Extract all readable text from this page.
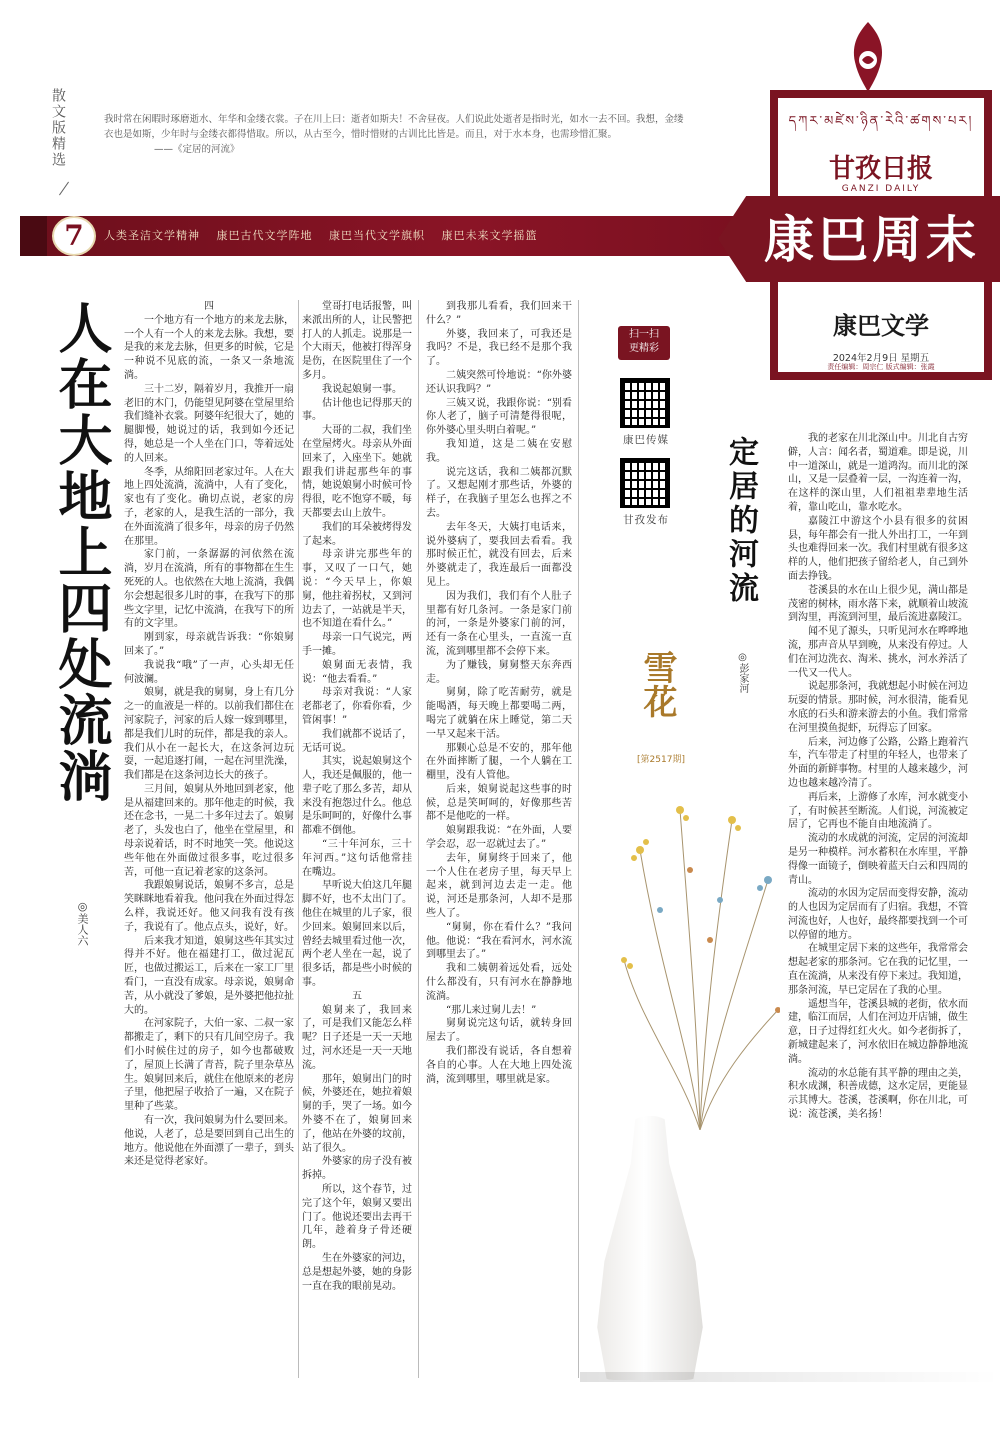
散文版精选	我时常在闲暇时琢磨逝水、年华和金缕衣裳。子在川上曰：逝者如斯夫！不舍昼夜。人们说此处逝者是指时光，如水一去不回。我想，金缕衣也是如斯，少年时与金缕衣都得惜取。所以，从古至今，惜时惜财的古训比比皆是。而且，对于水本身，也需珍惜汇聚。
——《定居的河流》
7	人类圣洁文学精神 康巴古代文学阵地 康巴当代文学旗帜 康巴未来文学摇篮
དཀར་མཛེས་ཉིན་རེའི་ཚགས་པར།
甘孜日报
GANZI DAILY
康巴周末
康巴文学
2024年2月9日 星期五
责任编辑：周宗仁 版式编辑：张霞
人在大地上四处流淌
◎美人六

四

一个地方有一个地方的来龙去脉，一个人有一个人的来龙去脉。我想，要是我的来龙去脉，但更多的时候，它是一种说不见底的流，一条又一条地流淌。

三十二岁，隔着岁月，我推开一扇老旧的木门，仍能望见阿婆在堂屋里给我们缝补衣裳。阿婆年纪很大了，她的腿脚慢，她说过的话，我到如今还记得，她总是一个人坐在门口，等着远处的人回来。

冬季，从绵阳回老家过年。人在大地上四处流淌，流淌中，人有了变化，家也有了变化。确切点说，老家的房子，老家的人，是我生活的一部分，我在外面流淌了很多年，母亲的房子仍然在那里。

家门前，一条潺潺的河依然在流淌，岁月在流淌，所有的事物都在生生死死的人。也依然在大地上流淌，我偶尔会想起很多儿时的事，在我写下的那些文字里，记忆中流淌，在我写下的所有的文字里。

刚到家，母亲就告诉我：“你娘舅回来了。”

我说我“哦”了一声，心头却无任何波澜。

娘舅，就是我的舅舅，身上有几分之一的血液是一样的。以前我们都住在河家院子，河家的后人嫁一嫁到哪里，都是我们儿时的玩伴，都是我的亲人。我们从小在一起长大，在这条河边玩耍，一起追逐打闹，一起在河里洗澡，我们都是在这条河边长大的孩子。

三月间，娘舅从外地回到老家，他是从福建回来的。那年他走的时候，我还在念书，一晃二十多年过去了。娘舅老了，头发也白了，他坐在堂屋里，和母亲说着话，时不时地笑一笑。他说这些年他在外面做过很多事，吃过很多苦，可他一直记着老家的这条河。

我跟娘舅说话，娘舅不多言，总是笑眯眯地看着我。他问我在外面过得怎么样，我说还好。他又问我有没有孩子，我说有了。他点点头，说好，好。

后来我才知道，娘舅这些年其实过得并不好。他在福建打工，做过泥瓦匠，也做过搬运工，后来在一家工厂里看门，一直没有成家。母亲说，娘舅命苦，从小就没了爹娘，是外婆把他拉扯大的。

在河家院子，大伯一家、二叔一家都搬走了，剩下的只有几间空房子。我们小时候住过的房子，如今也都破败了，屋顶上长满了青苔，院子里杂草丛生。娘舅回来后，就住在他原来的老房子里，他把屋子收拾了一遍，又在院子里种了些菜。

有一次，我问娘舅为什么要回来。他说，人老了，总是要回到自己出生的地方。他说他在外面漂了一辈子，到头来还是觉得老家好。

堂哥打电话报警，叫来派出所的人，让民警把打人的人抓走。说那是一个大雨天，他被打得浑身是伤，在医院里住了一个多月。

我说起娘舅一事。

估计他也记得那天的事。

大哥的二叔，我们坐在堂屋烤火。母亲从外面回来了，入座坐下。她就跟我们讲起那些年的事情，她说娘舅小时候可怜得很，吃不饱穿不暖，每天都要去山上放牛。

我们的耳朵被烤得发了起来。

母亲讲完那些年的事，又叹了一口气，她说：“今天早上，你娘舅，他拄着拐杖，又到河边去了，一站就是半天，也不知道在看什么。”

母亲一口气说完，两手一摊。

娘舅面无表情，我说：“他去看看。”

母亲对我说：“人家老都老了，你看你看，少管闲事！”

我们就都不说话了，无话可说。

其实，说起娘舅这个人，我还是佩服的，他一辈子吃了那么多苦，却从来没有抱怨过什么。他总是乐呵呵的，好像什么事都难不倒他。

“三十年河东，三十年河西。”这句话他常挂在嘴边。

早听说大伯这几年腿脚不好，也不太出门了。他住在城里的儿子家，很少回来。娘舅回来以后，曾经去城里看过他一次，两个老人坐在一起，说了很多话，都是些小时候的事。

五

娘舅来了，我回来了，可是我们又能怎么样呢？日子还是一天一天地过，河水还是一天一天地流。

那年，娘舅出门的时候，外婆还在，她拉着娘舅的手，哭了一场。如今外婆不在了，娘舅回来了，他站在外婆的坟前，站了很久。

外婆家的房子没有被拆掉。

所以，这个春节，过完了这个年，娘舅又要出门了。他说还要出去再干几年，趁着身子骨还硬朗。

生在外婆家的河边，总是想起外婆，她的身影一直在我的眼前晃动。

到我那儿看看，我们回来干什么？”

外婆，我回来了，可我还是我吗？不是，我已经不是那个我了。

二姨突然可怜地说：“你外婆还认识我吗？”

三姨又说，我跟你说：“别看你人老了，脑子可清楚得很呢，你外婆心里头明白着呢。”

我知道，这是二姨在安慰我。

说完这话，我和二姨都沉默了。又想起刚才那些话，外婆的样子，在我脑子里怎么也挥之不去。

去年冬天，大姨打电话来，说外婆病了，要我回去看看。我那时候正忙，就没有回去，后来外婆就走了，我连最后一面都没见上。

因为我们，我们有个人肚子里都有好几条河。一条是家门前的河，一条是外婆家门前的河，还有一条在心里头，一直流一直流，流到哪里都不会停下来。

为了赚钱，舅舅整天东奔西走。

舅舅，除了吃苦耐劳，就是能喝酒，每天晚上都要喝二两，喝完了就躺在床上睡觉，第二天一早又起来干活。

那颗心总是不安的，那年他在外面摔断了腿，一个人躺在工棚里，没有人管他。

后来，娘舅说起这些事的时候，总是笑呵呵的，好像那些苦都不是他吃的一样。

娘舅跟我说：“在外面，人要学会忍，忍一忍就过去了。”

去年，舅舅终于回来了，他一个人住在老房子里，每天早上起来，就到河边去走一走。他说，河还是那条河，人却不是那些人了。

“舅舅，你在看什么？”我问他。他说：“我在看河水，河水流到哪里去了。”

我和二姨朝着远处看，远处什么都没有，只有河水在静静地流淌。

“那儿来过舅儿去！”

舅舅说完这句话，就转身回屋去了。

我们都没有说话，各自想着各自的心事。人在大地上四处流淌，流到哪里，哪里就是家。

扫一扫
更精彩
康巴传媒
甘孜发布
雪花
[第2517期]
定居的河流
◎彭家河

我的老家在川北深山中。川北自古穷僻，人言：闻名者，蜀道难。即是说，川中一道深山，就是一道鸿沟。而川北的深山，又是一层叠着一层，一沟连着一沟，在这样的深山里，人们祖祖辈辈地生活着，靠山吃山，靠水吃水。

嘉陵江中游这个小县有很多的贫困县，每年都会有一批人外出打工，一年到头也难得回来一次。我们村里就有很多这样的人，他们把孩子留给老人，自己到外面去挣钱。

苍溪县的水在山上很少见，满山都是茂密的树林，雨水落下来，就顺着山坡流到沟里，再流到河里，最后流进嘉陵江。

闻不见了源头，只听见河水在哗哗地流，那声音从早到晚，从来没有停过。人们在河边洗衣、淘米、挑水，河水养活了一代又一代人。

说起那条河，我就想起小时候在河边玩耍的情景。那时候，河水很清，能看见水底的石头和游来游去的小鱼。我们常常在河里摸鱼捉虾，玩得忘了回家。

后来，河边修了公路，公路上跑着汽车，汽车带走了村里的年轻人，也带来了外面的新鲜事物。村里的人越来越少，河边也越来越冷清了。

再后来，上游修了水库，河水就变小了，有时候甚至断流。人们说，河流被定居了，它再也不能自由地流淌了。

流动的水成就的河流，定居的河流却是另一种模样。河水蓄积在水库里，平静得像一面镜子，倒映着蓝天白云和四周的青山。

流动的水因为定居而变得安静，流动的人也因为定居而有了归宿。我想，不管河流也好，人也好，最终都要找到一个可以停留的地方。

在城里定居下来的这些年，我常常会想起老家的那条河。它在我的记忆里，一直在流淌，从来没有停下来过。我知道，那条河流，早已定居在了我的心里。

遥想当年，苍溪县城的老街，依水而建，临江而居，人们在河边开店铺，做生意，日子过得红红火火。如今老街拆了，新城建起来了，河水依旧在城边静静地流淌。

流动的水总能有其平静的理由之美，积水成渊，积善成德，这水定居，更能显示其博大。苍溪，苍溪啊，你在川北，可说：流苍溪，美名扬！
